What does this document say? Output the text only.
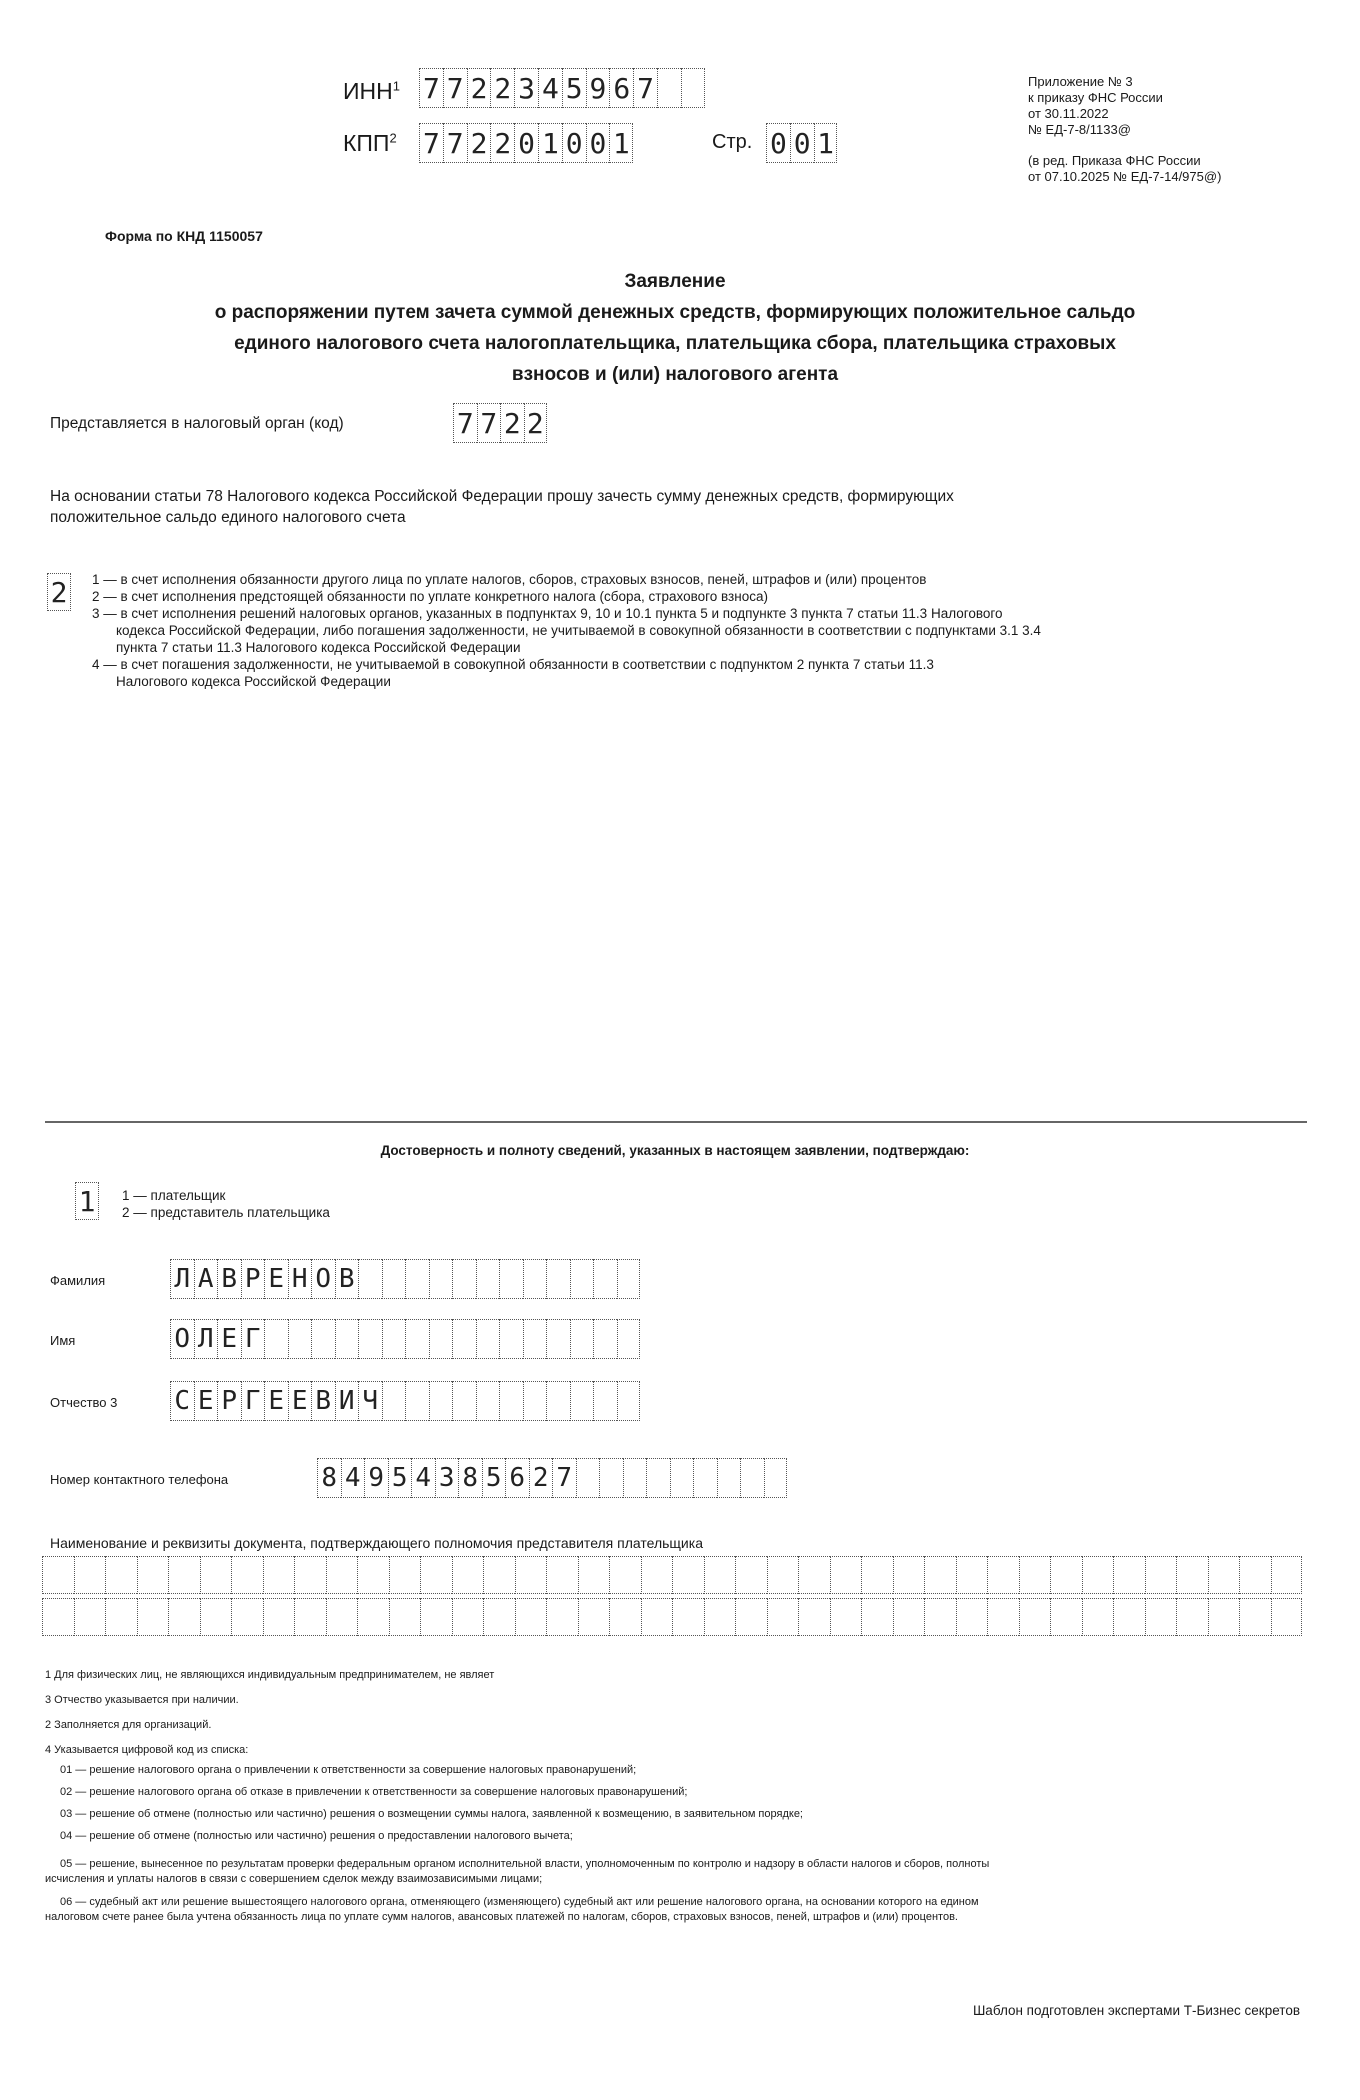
ИНН$^1$ 7 7 2 2 3 4 5 9 6 7
КПП$^2$ 7 7 2 2 0 1 0 0 1	Стр. 0 0 1
Приложение № 3
к приказу ФНС России
от 30.11.2022
№ ЕД-7-8/1133@
(в ред. Приказа ФНС России
от 07.10.2025 № ЕД-7-14/975@)
Форма по КНД 1150057
Заявление
о распоряжении путем зачета суммой денежных средств, формирующих положительное сальдо
единого налогового счета налогоплательщика, плательщика сбора, плательщика страховых
взносов и (или) налогового агента
Представляется в налоговый орган (код)	7 7 2 2
На основании статьи 78 Налогового кодекса Российской Федерации прошу зачесть сумму денежных средств, формирующих
положительное сальдо единого налогового счета
2 1 — в счет исполнения обязанности другого лица по уплате налогов, сборов, страховых взносов, пеней, штрафов и (или) процентов
2 — в счет исполнения предстоящей обязанности по уплате конкретного налога (сбора, страхового взноса)
3 — в счет исполнения решений налоговых органов, указанных в подпунктах 9, 10 и 10.1 пункта 5 и подпункте 3 пункта 7 статьи 11.3 Налогового
кодекса Российской Федерации, либо погашения задолженности, не учитываемой в совокупной обязанности в соответствии с подпунктами 3.1 3.4
пункта 7 статьи 11.3 Налогового кодекса Российской Федерации
4 — в счет погашения задолженности, не учитываемой в совокупной обязанности в соответствии с подпунктом 2 пункта 7 статьи 11.3
Налогового кодекса Российской Федерации
Достоверность и полноту сведений, указанных в настоящем заявлении, подтверждаю:
1 1 — плательщик
2 — представитель плательщика
Фамилия	Л А В Р Е Н О В
Имя	О Л Е Г
Отчество 3 С Е Р Г Е Е В И Ч
Номер контактного телефона	8 4 9 5 4 3 8 5 6 2 7
Наименование и реквизиты документа, подтверждающего полномочия представителя плательщика
1 Для физических лиц, не являющихся индивидуальным предпринимателем, не являет
3 Отчество указывается при наличии.
2 Заполняется для организаций.
4 Указывается цифровой код из списка:
01 — решение налогового органа о привлечении к ответственности за совершение налоговых правонарушений;
02 — решение налогового органа об отказе в привлечении к ответственности за совершение налоговых правонарушений;
03 — решение об отмене (полностью или частично) решения о возмещении суммы налога, заявленной к возмещению, в заявительном порядке;
04 — решение об отмене (полностью или частично) решения о предоставлении налогового вычета;
05 — решение, вынесенное по результатам проверки федеральным органом исполнительной власти, уполномоченным по контролю и надзору в области налогов и сборов, полноты
исчисления и уплаты налогов в связи с совершением сделок между взаимозависимыми лицами;
06 — судебный акт или решение вышестоящего налогового органа, отменяющего (изменяющего) судебный акт или решение налогового органа, на основании которого на едином
налоговом счете ранее была учтена обязанность лица по уплате сумм налогов, авансовых платежей по налогам, сборов, страховых взносов, пеней, штрафов и (или) процентов.
Шаблон подготовлен экспертами Т-Бизнес секретов
